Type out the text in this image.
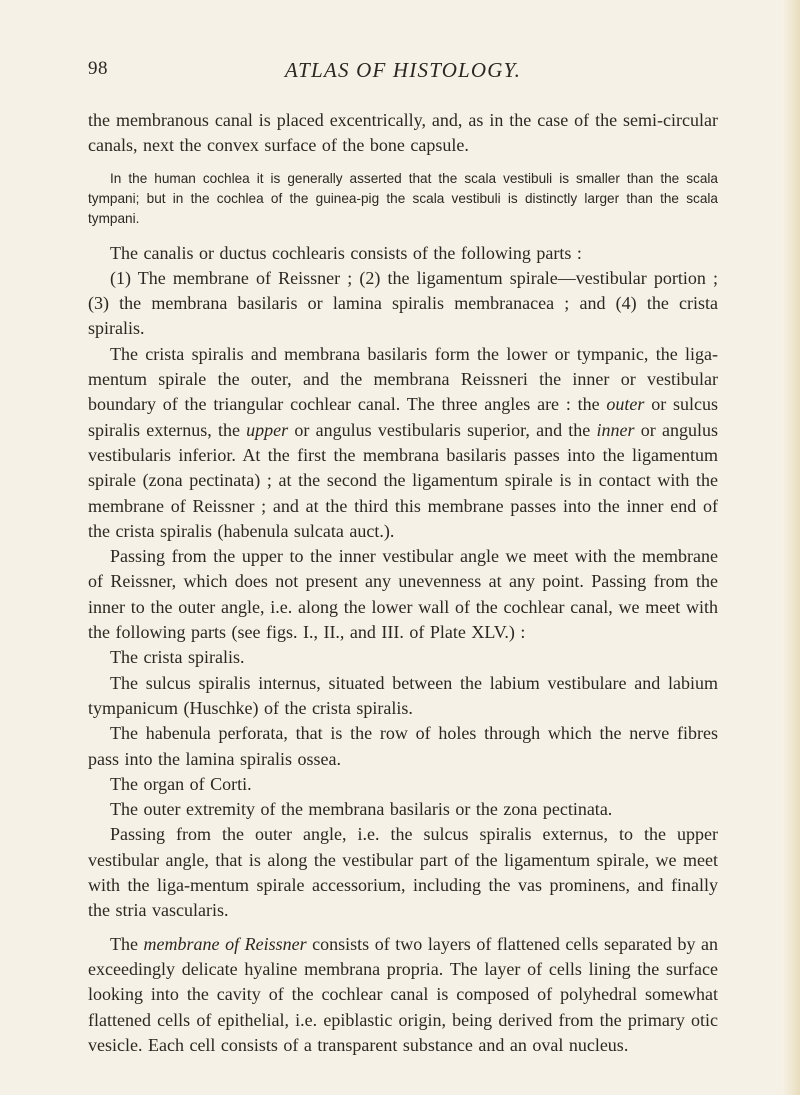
98	ATLAS OF HISTOLOGY.

the membranous canal is placed excentrically, and, as in the case of the semi-circular canals, next the convex surface of the bone capsule.

In the human cochlea it is generally asserted that the scala vestibuli is smaller than the scala tympani; but in the cochlea of the guinea-pig the scala vestibuli is distinctly larger than the scala tympani.

The canalis or ductus cochlearis consists of the following parts :

(1) The membrane of Reissner ; (2) the ligamentum spirale—vestibular portion ; (3) the membrana basilaris or lamina spiralis membranacea ; and (4) the crista spiralis.

The crista spiralis and membrana basilaris form the lower or tympanic, the liga-mentum spirale the outer, and the membrana Reissneri the inner or vestibular boundary of the triangular cochlear canal. The three angles are : the outer or sulcus spiralis externus, the upper or angulus vestibularis superior, and the inner or angulus vestibularis inferior. At the first the membrana basilaris passes into the ligamentum spirale (zona pectinata) ; at the second the ligamentum spirale is in contact with the membrane of Reissner ; and at the third this membrane passes into the inner end of the crista spiralis (habenula sulcata auct.).

Passing from the upper to the inner vestibular angle we meet with the membrane of Reissner, which does not present any unevenness at any point. Passing from the inner to the outer angle, i.e. along the lower wall of the cochlear canal, we meet with the following parts (see figs. I., II., and III. of Plate XLV.) :

The crista spiralis.

The sulcus spiralis internus, situated between the labium vestibulare and labium tympanicum (Huschke) of the crista spiralis.

The habenula perforata, that is the row of holes through which the nerve fibres pass into the lamina spiralis ossea.

The organ of Corti.

The outer extremity of the membrana basilaris or the zona pectinata.

Passing from the outer angle, i.e. the sulcus spiralis externus, to the upper vestibular angle, that is along the vestibular part of the ligamentum spirale, we meet with the liga-mentum spirale accessorium, including the vas prominens, and finally the stria vascularis.

The membrane of Reissner consists of two layers of flattened cells separated by an exceedingly delicate hyaline membrana propria. The layer of cells lining the surface looking into the cavity of the cochlear canal is composed of polyhedral somewhat flattened cells of epithelial, i.e. epiblastic origin, being derived from the primary otic vesicle. Each cell consists of a transparent substance and an oval nucleus.
